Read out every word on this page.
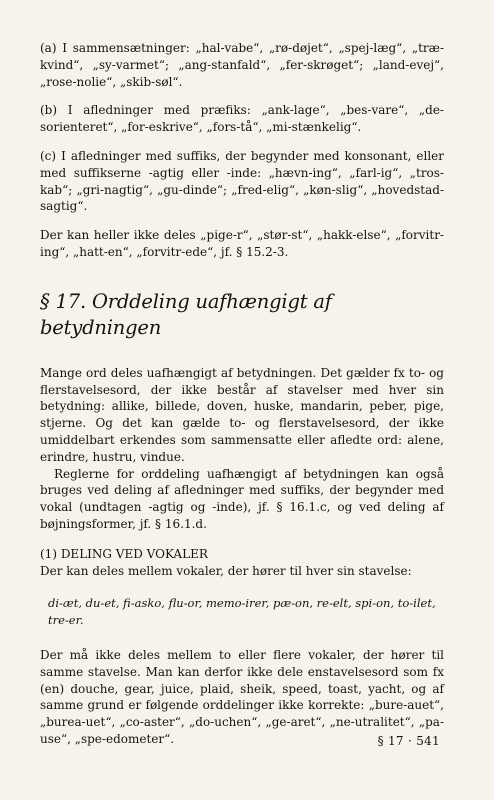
(a) I sammensætninger: „hal-vabe“, „rø-døjet“, „spej-læg“, „træ-kvind“, „sy-varmet“; „ang-stanfald“, „fer-skrøget“; „land-evej“, „rose-nolie“, „skib-søl“.

(b) I afledninger med præfiks: „ank-lage“, „bes-vare“, „de-sorienteret“, „for-eskrive“, „fors-tå“, „mi-stænkelig“.

(c) I afledninger med suffiks, der begynder med konsonant, eller med suffikserne -agtig eller -inde: „hævn-ing“, „farl-ig“, „tros-kab“; „gri-nagtig“, „gu-dinde“; „fred-elig“, „køn-slig“, „hovedstad-sagtig“.

Der kan heller ikke deles „pige-r“, „stør-st“, „hakk-else“, „forvitr-ing“, „hatt-en“, „forvitr-ede“, jf. § 15.2-3.

§ 17. Orddeling uafhængigt af betydningen

Mange ord deles uafhængigt af betydningen. Det gælder fx to- og flerstavelsesord, der ikke består af stavelser med hver sin betydning: allike, billede, doven, huske, mandarin, peber, pige, stjerne. Og det kan gælde to- og flerstavelsesord, der ikke umiddelbart erkendes som sammensatte eller afledte ord: alene, erindre, hustru, vindue.

Reglerne for orddeling uafhængigt af betydningen kan også bruges ved deling af afledninger med suffiks, der begynder med vokal (undtagen -agtig og -inde), jf. § 16.1.c, og ved deling af bøjningsformer, jf. § 16.1.d.

(1) DELING VED VOKALER

Der kan deles mellem vokaler, der hører til hver sin stavelse:

di-æt, du-et, fi-asko, flu-or, memo-irer, pæ-on, re-elt, spi-on, to-ilet, tre-er.

Der må ikke deles mellem to eller flere vokaler, der hører til samme stavelse. Man kan derfor ikke dele enstavelsesord som fx (en) douche, gear, juice, plaid, sheik, speed, toast, yacht, og af samme grund er følgende orddelinger ikke korrekte: „bure-auet“, „burea-uet“, „co-aster“, „do-uchen“, „ge-aret“, „ne-utralitet“, „pa-use“, „spe-edometer“.	§ 17 · 541
